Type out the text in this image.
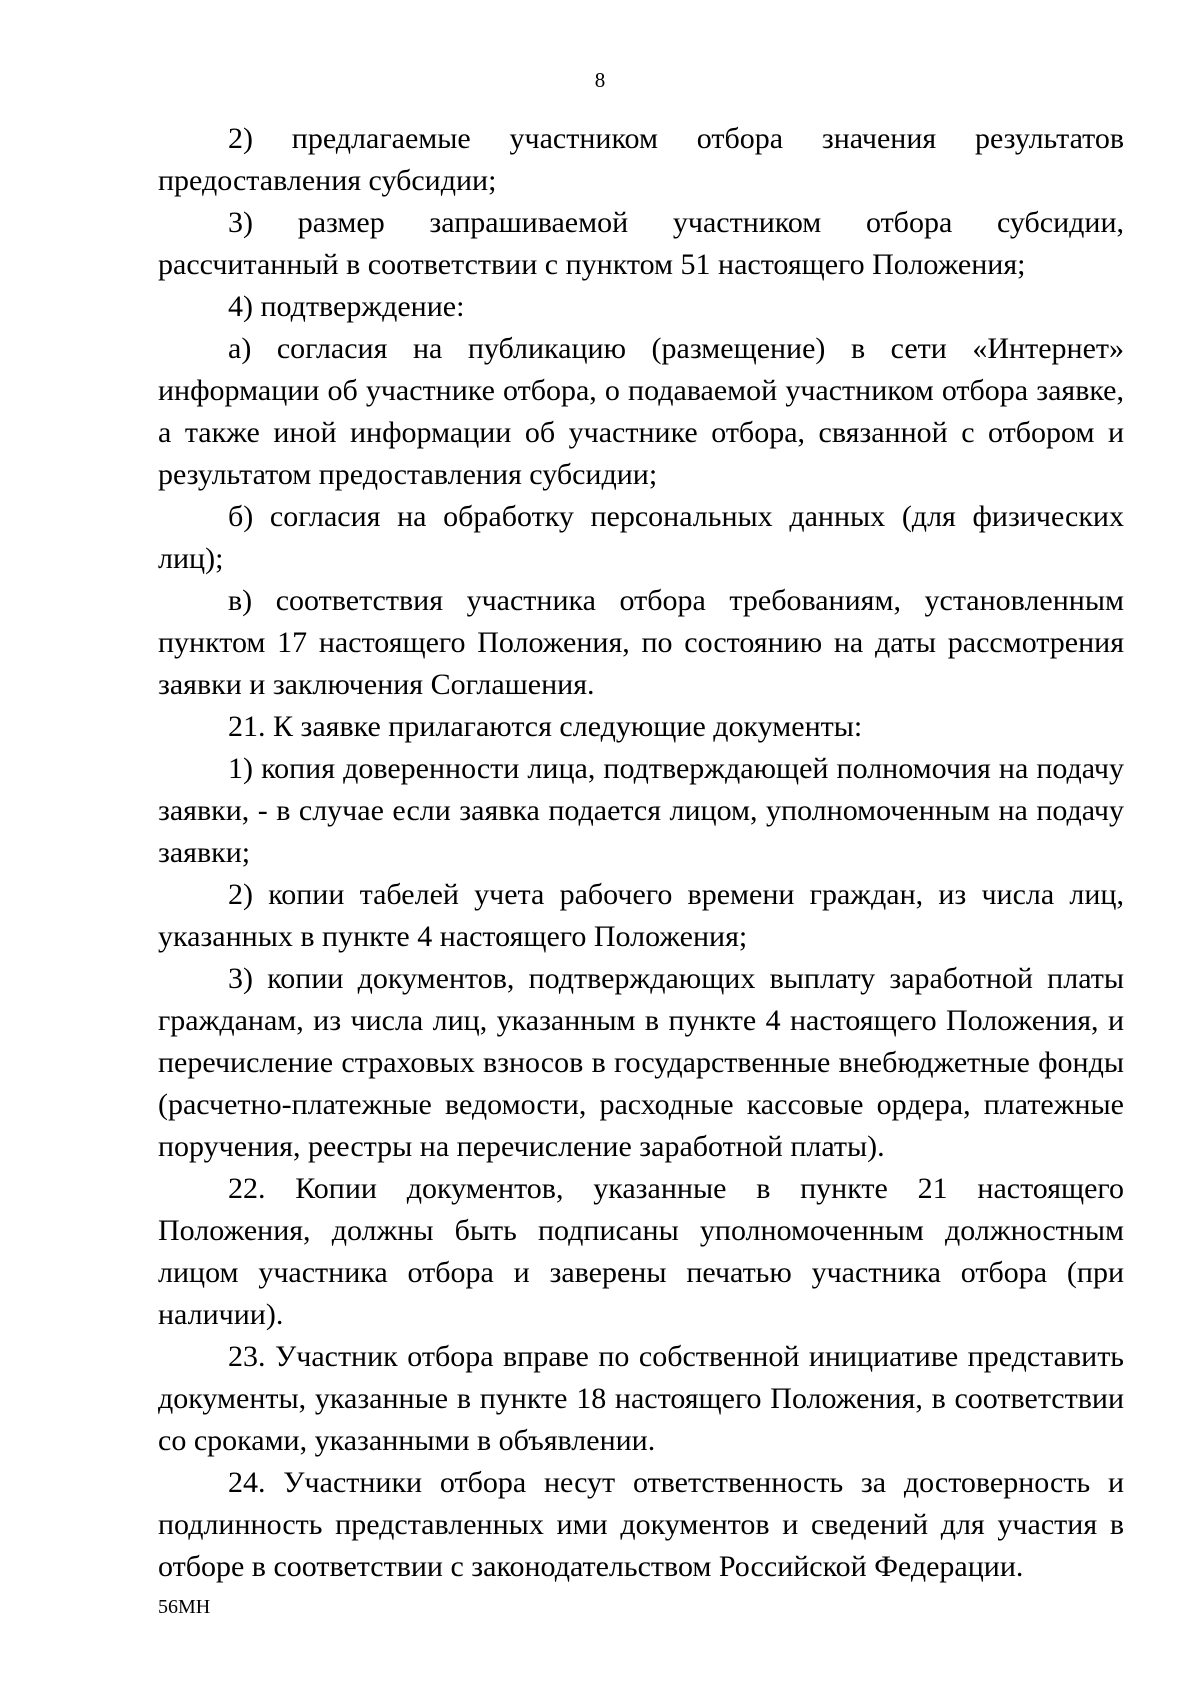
8

2) предлагаемые участником отбора значения результатов предоставления субсидии;

3) размер запрашиваемой участником отбора субсидии, рассчитанный в соответствии с пунктом 51 настоящего Положения;

4) подтверждение:

а) согласия на публикацию (размещение) в сети «Интернет» информации об участнике отбора, о подаваемой участником отбора заявке, а также иной информации об участнике отбора, связанной с отбором и результатом предоставления субсидии;

б) согласия на обработку персональных данных (для физических лиц);

в) соответствия участника отбора требованиям, установленным пунктом 17 настоящего Положения, по состоянию на даты рассмотрения заявки и заключения Соглашения.

21. К заявке прилагаются следующие документы:

1) копия доверенности лица, подтверждающей полномочия на подачу заявки, - в случае если заявка подается лицом, уполномоченным на подачу заявки;

2) копии табелей учета рабочего времени граждан, из числа лиц, указанных в пункте 4 настоящего Положения;

3) копии документов, подтверждающих выплату заработной платы гражданам, из числа лиц, указанным в пункте 4 настоящего Положения, и перечисление страховых взносов в государственные внебюджетные фонды (расчетно-платежные ведомости, расходные кассовые ордера, платежные поручения, реестры на перечисление заработной платы).

22. Копии документов, указанные в пункте 21 настоящего Положения, должны быть подписаны уполномоченным должностным лицом участника отбора и заверены печатью участника отбора (при наличии).

23. Участник отбора вправе по собственной инициативе представить документы, указанные в пункте 18 настоящего Положения, в соответствии со сроками, указанными в объявлении.

24. Участники отбора несут ответственность за достоверность и подлинность представленных ими документов и сведений для участия в отборе в соответствии с законодательством Российской Федерации.

56МН
